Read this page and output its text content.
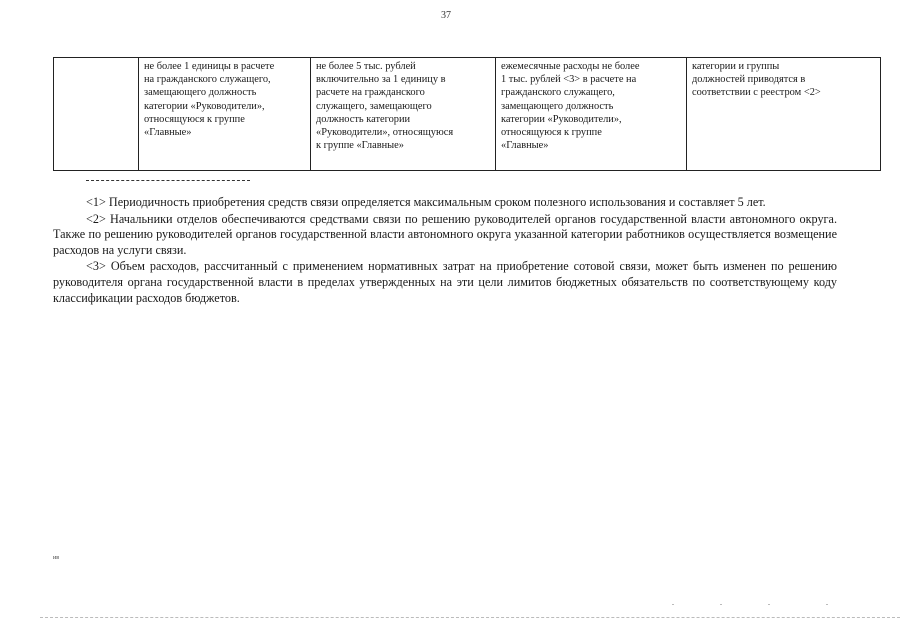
37
	не более 1 единицы в расчете
на гражданского служащего,
замещающего должность
категории «Руководители»,
относящуюся к группе
«Главные»	не более 5 тыс. рублей
включительно за 1 единицу в
расчете на гражданского
служащего, замещающего
должность категории
«Руководители», относящуюся
к группе «Главные»	ежемесячные расходы не более
1 тыс. рублей <3> в расчете на
гражданского служащего,
замещающего должность
категории «Руководители»,
относящуюся к группе
«Главные»	категории и группы
должностей приводятся в
соответствии с реестром <2>

<1> Периодичность приобретения средств связи определяется максимальным сроком полезного использования и составляет 5 лет.

<2> Начальники отделов обеспечиваются средствами связи по решению руководителей органов государственной власти автономного округа. Также по решению руководителей органов государственной власти автономного округа указанной категории работников осуществляется возмещение расходов на услуги связи.

<3> Объем расходов, рассчитанный с применением нормативных затрат на приобретение сотовой связи, может быть изменен по решению руководителя органа государственной власти в пределах утвержденных на эти цели лимитов бюджетных обязательств по соответствующему коду классификации расходов бюджетов.

ив
